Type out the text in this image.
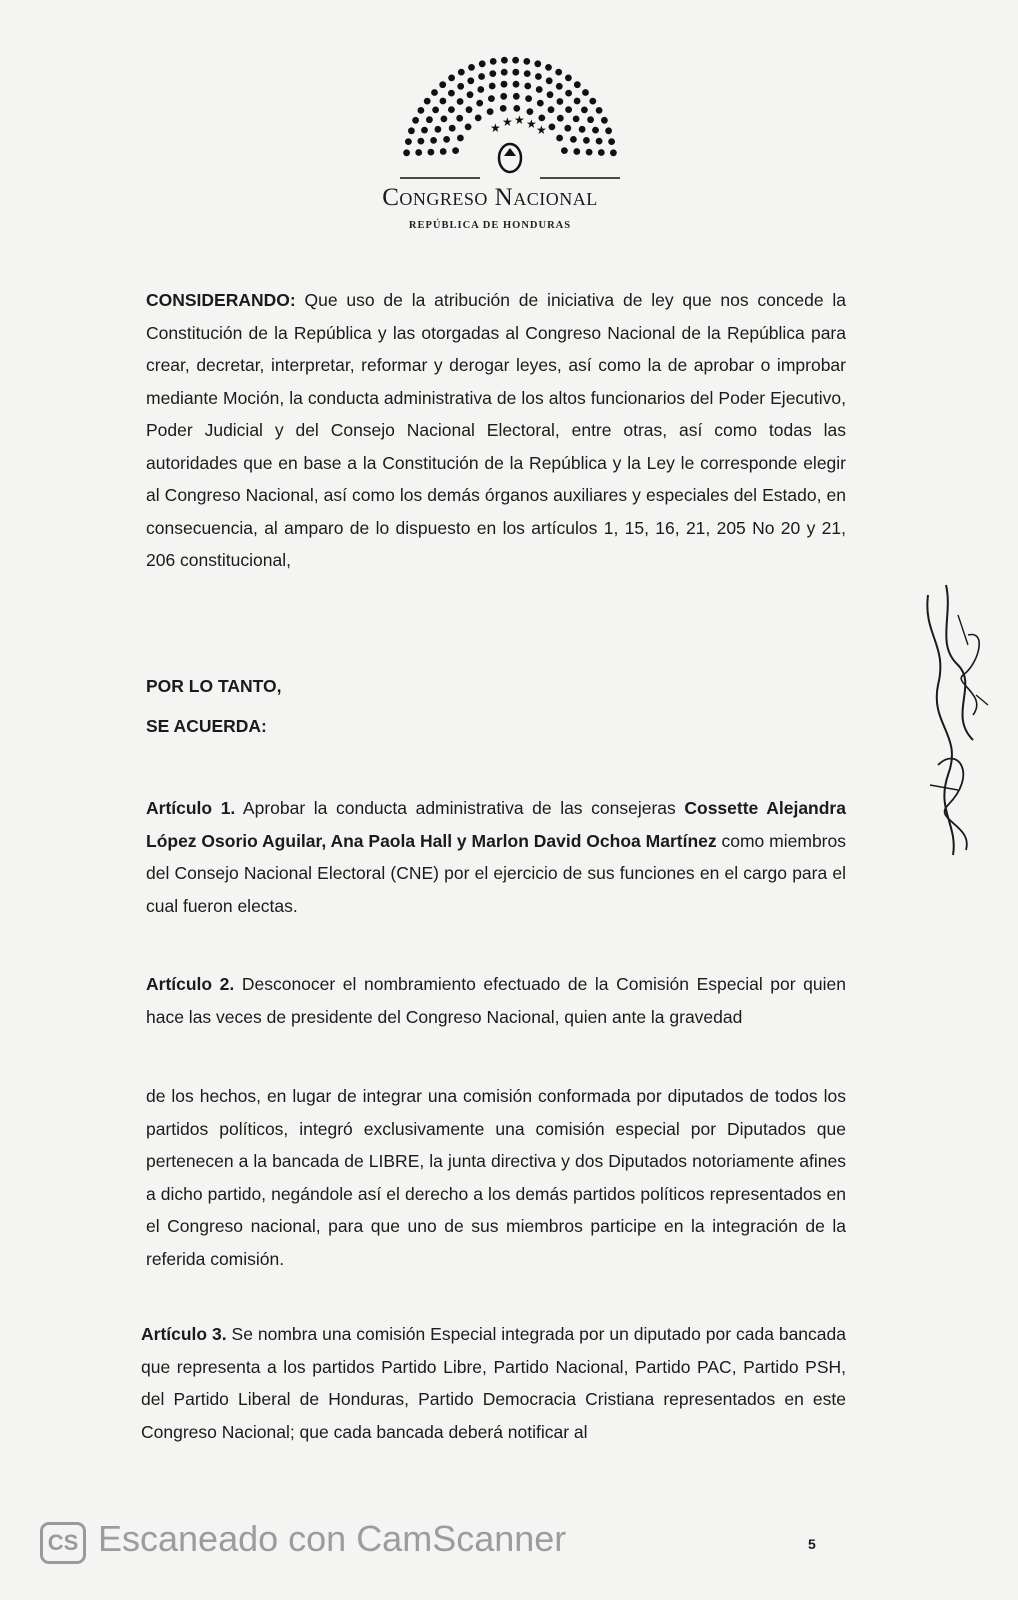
★ ★ ★ ★ ★
Congreso Nacional
REPÚBLICA DE HONDURAS
CONSIDERANDO: Que uso de la atribución de iniciativa de ley que nos concede la Constitución de la República y las otorgadas al Congreso Nacional de la República para crear, decretar, interpretar, reformar y derogar leyes, así como la de aprobar o improbar mediante Moción, la conducta administrativa de los altos funcionarios del Poder Ejecutivo, Poder Judicial y del Consejo Nacional Electoral, entre otras, así como todas las autoridades que en base a la Constitución de la República y la Ley le corresponde elegir al Congreso Nacional, así como los demás órganos auxiliares y especiales del Estado, en consecuencia, al amparo de lo dispuesto en los artículos 1, 15, 16, 21, 205 No 20 y 21, 206 constitucional,
POR LO TANTO,
SE ACUERDA:
Artículo 1. Aprobar la conducta administrativa de las consejeras Cossette Alejandra López Osorio Aguilar, Ana Paola Hall y Marlon David Ochoa Martínez como miembros del Consejo Nacional Electoral (CNE) por el ejercicio de sus funciones en el cargo para el cual fueron electas.
Artículo 2. Desconocer el nombramiento efectuado de la Comisión Especial por quien hace las veces de presidente del Congreso Nacional, quien ante la gravedad
de los hechos, en lugar de integrar una comisión conformada por diputados de todos los partidos políticos, integró exclusivamente una comisión especial por Diputados que pertenecen a la bancada de LIBRE, la junta directiva y dos Diputados notoriamente afines a dicho partido, negándole así el derecho a los demás partidos políticos representados en el Congreso nacional, para que uno de sus miembros participe en la integración de la referida comisión.
Artículo 3. Se nombra una comisión Especial integrada por un diputado por cada bancada que representa a los partidos Partido Libre, Partido Nacional, Partido PAC, Partido PSH, del Partido Liberal de Honduras, Partido Democracia Cristiana representados en este Congreso Nacional; que cada bancada deberá notificar al
CS Escaneado con CamScanner	5
